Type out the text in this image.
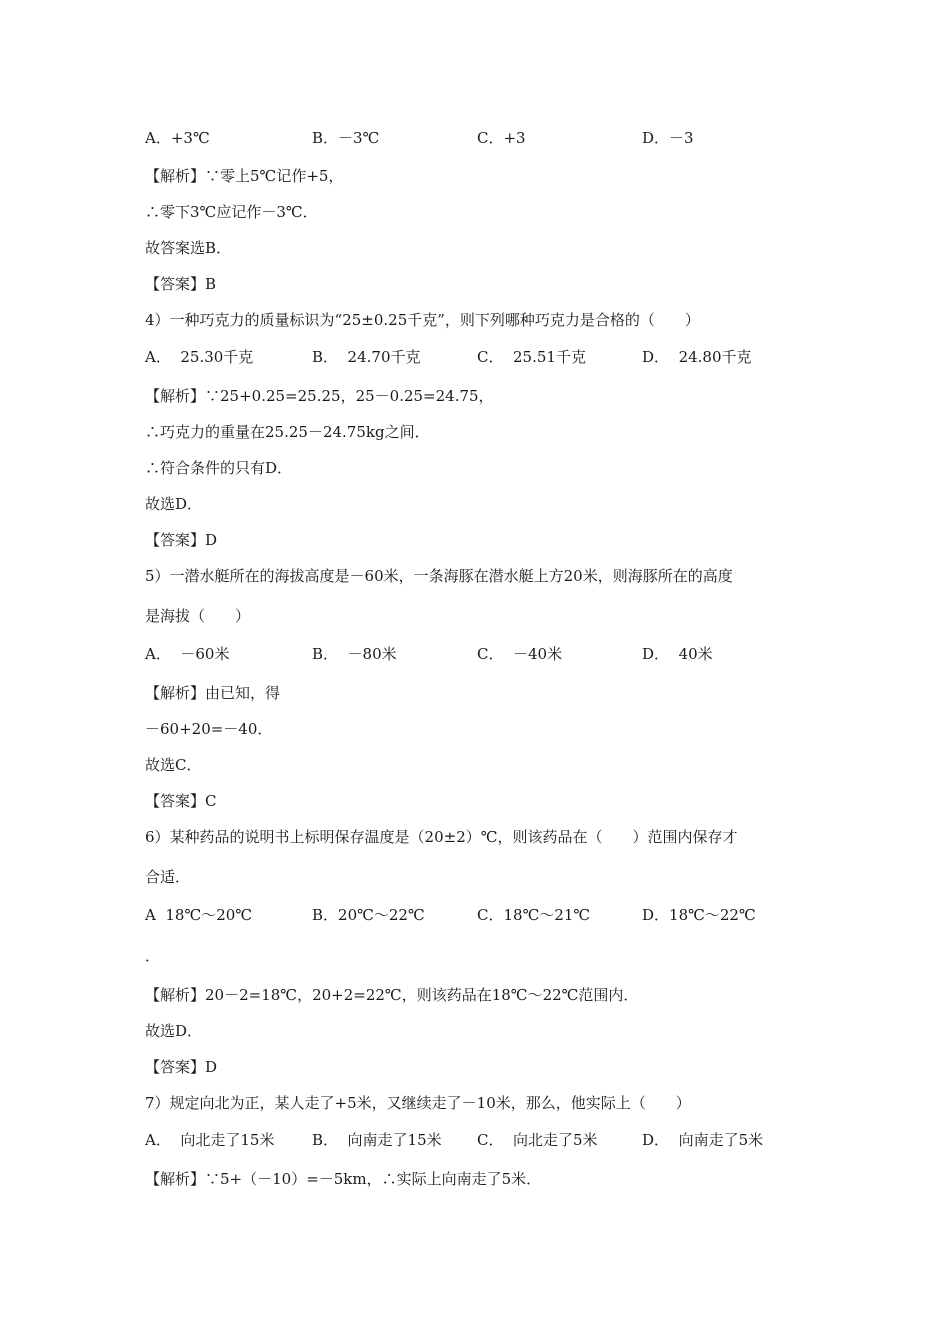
A．+3℃	B．－3℃	C．+3	D．－3
【解析】∵零上5℃记作+5，
∴零下3℃应记作－3℃．
故答案选B．
【答案】B
4）一种巧克力的质量标识为“25±0.25千克”，则下列哪种巧克力是合格的（　　）
A．  25.30千克	B．  24.70千克	C．  25.51千克	D．  24.80千克
【解析】∵25+0.25=25.25，25－0.25=24.75，
∴巧克力的重量在25.25－24.75kg之间．
∴符合条件的只有D．
故选D．
【答案】D
5）一潜水艇所在的海拔高度是－60米，一条海豚在潜水艇上方20米，则海豚所在的高度
是海拔（　　）
A．  －60米	B．  －80米	C．  －40米	D．  40米
【解析】由已知，得
－60+20=－40．
故选C．
【答案】C
6）某种药品的说明书上标明保存温度是（20±2）℃，则该药品在（　　）范围内保存才
合适．
A  18℃～20℃	B．20℃～22℃	C．18℃～21℃	D．18℃～22℃
．
【解析】20－2=18℃，20+2=22℃，则该药品在18℃～22℃范围内．
故选D．
【答案】D
7）规定向北为正，某人走了+5米，又继续走了－10米，那么，他实际上（　　）
A．  向北走了15米	B．  向南走了15米 C．  向北走了5米	D．  向南走了5米
【解析】∵5+（－10）=－5km，∴实际上向南走了5米．
